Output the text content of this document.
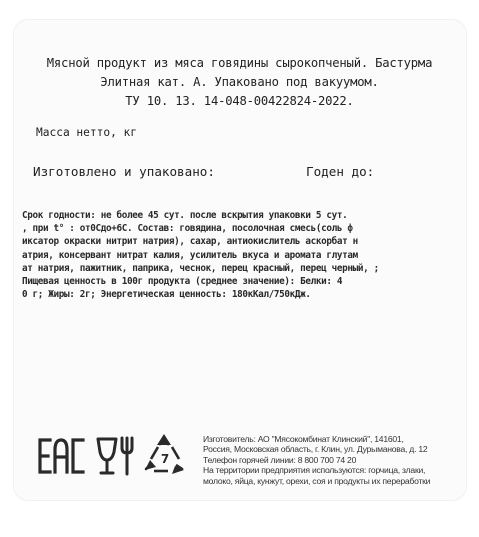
Мясной продукт из мяса говядины сырокопченый. Бастурма
Элитная кат. А. Упаковано под вакуумом.
ТУ 10. 13. 14-048-00422824-2022.
Масса нетто, кг
Изготовлено и упаковано:	Годен до:
Срок годности: не более 45 сут. после вскрытия упаковки 5 сут.
, при t° : от0Сдо+6С. Состав: говядина, посолочная смесь(соль ф
иксатор окраски нитрит натрия), сахар, антиокислитель аскорбат н
атрия, консервант нитрат калия, усилитель вкуса и аромата глутам
ат натрия, пажитник, паприка, чеснок, перец красный, перец черный, ;
Пищевая ценность в 100г продукта (среднее значение): Белки: 4
0 г; Жиры: 2г; Энергетическая ценность: 180кКал/750кДж.
7
Изготовитель: АО "Мясокомбинат Клинский", 141601,
Россия, Московская область, г. Клин, ул. Дурыманова, д. 12
Телефон горячей линии: 8 800 700 74 20
На территории предприятия используются: горчица, злаки,
молоко, яйца, кунжут, орехи, соя и продукты их переработки
